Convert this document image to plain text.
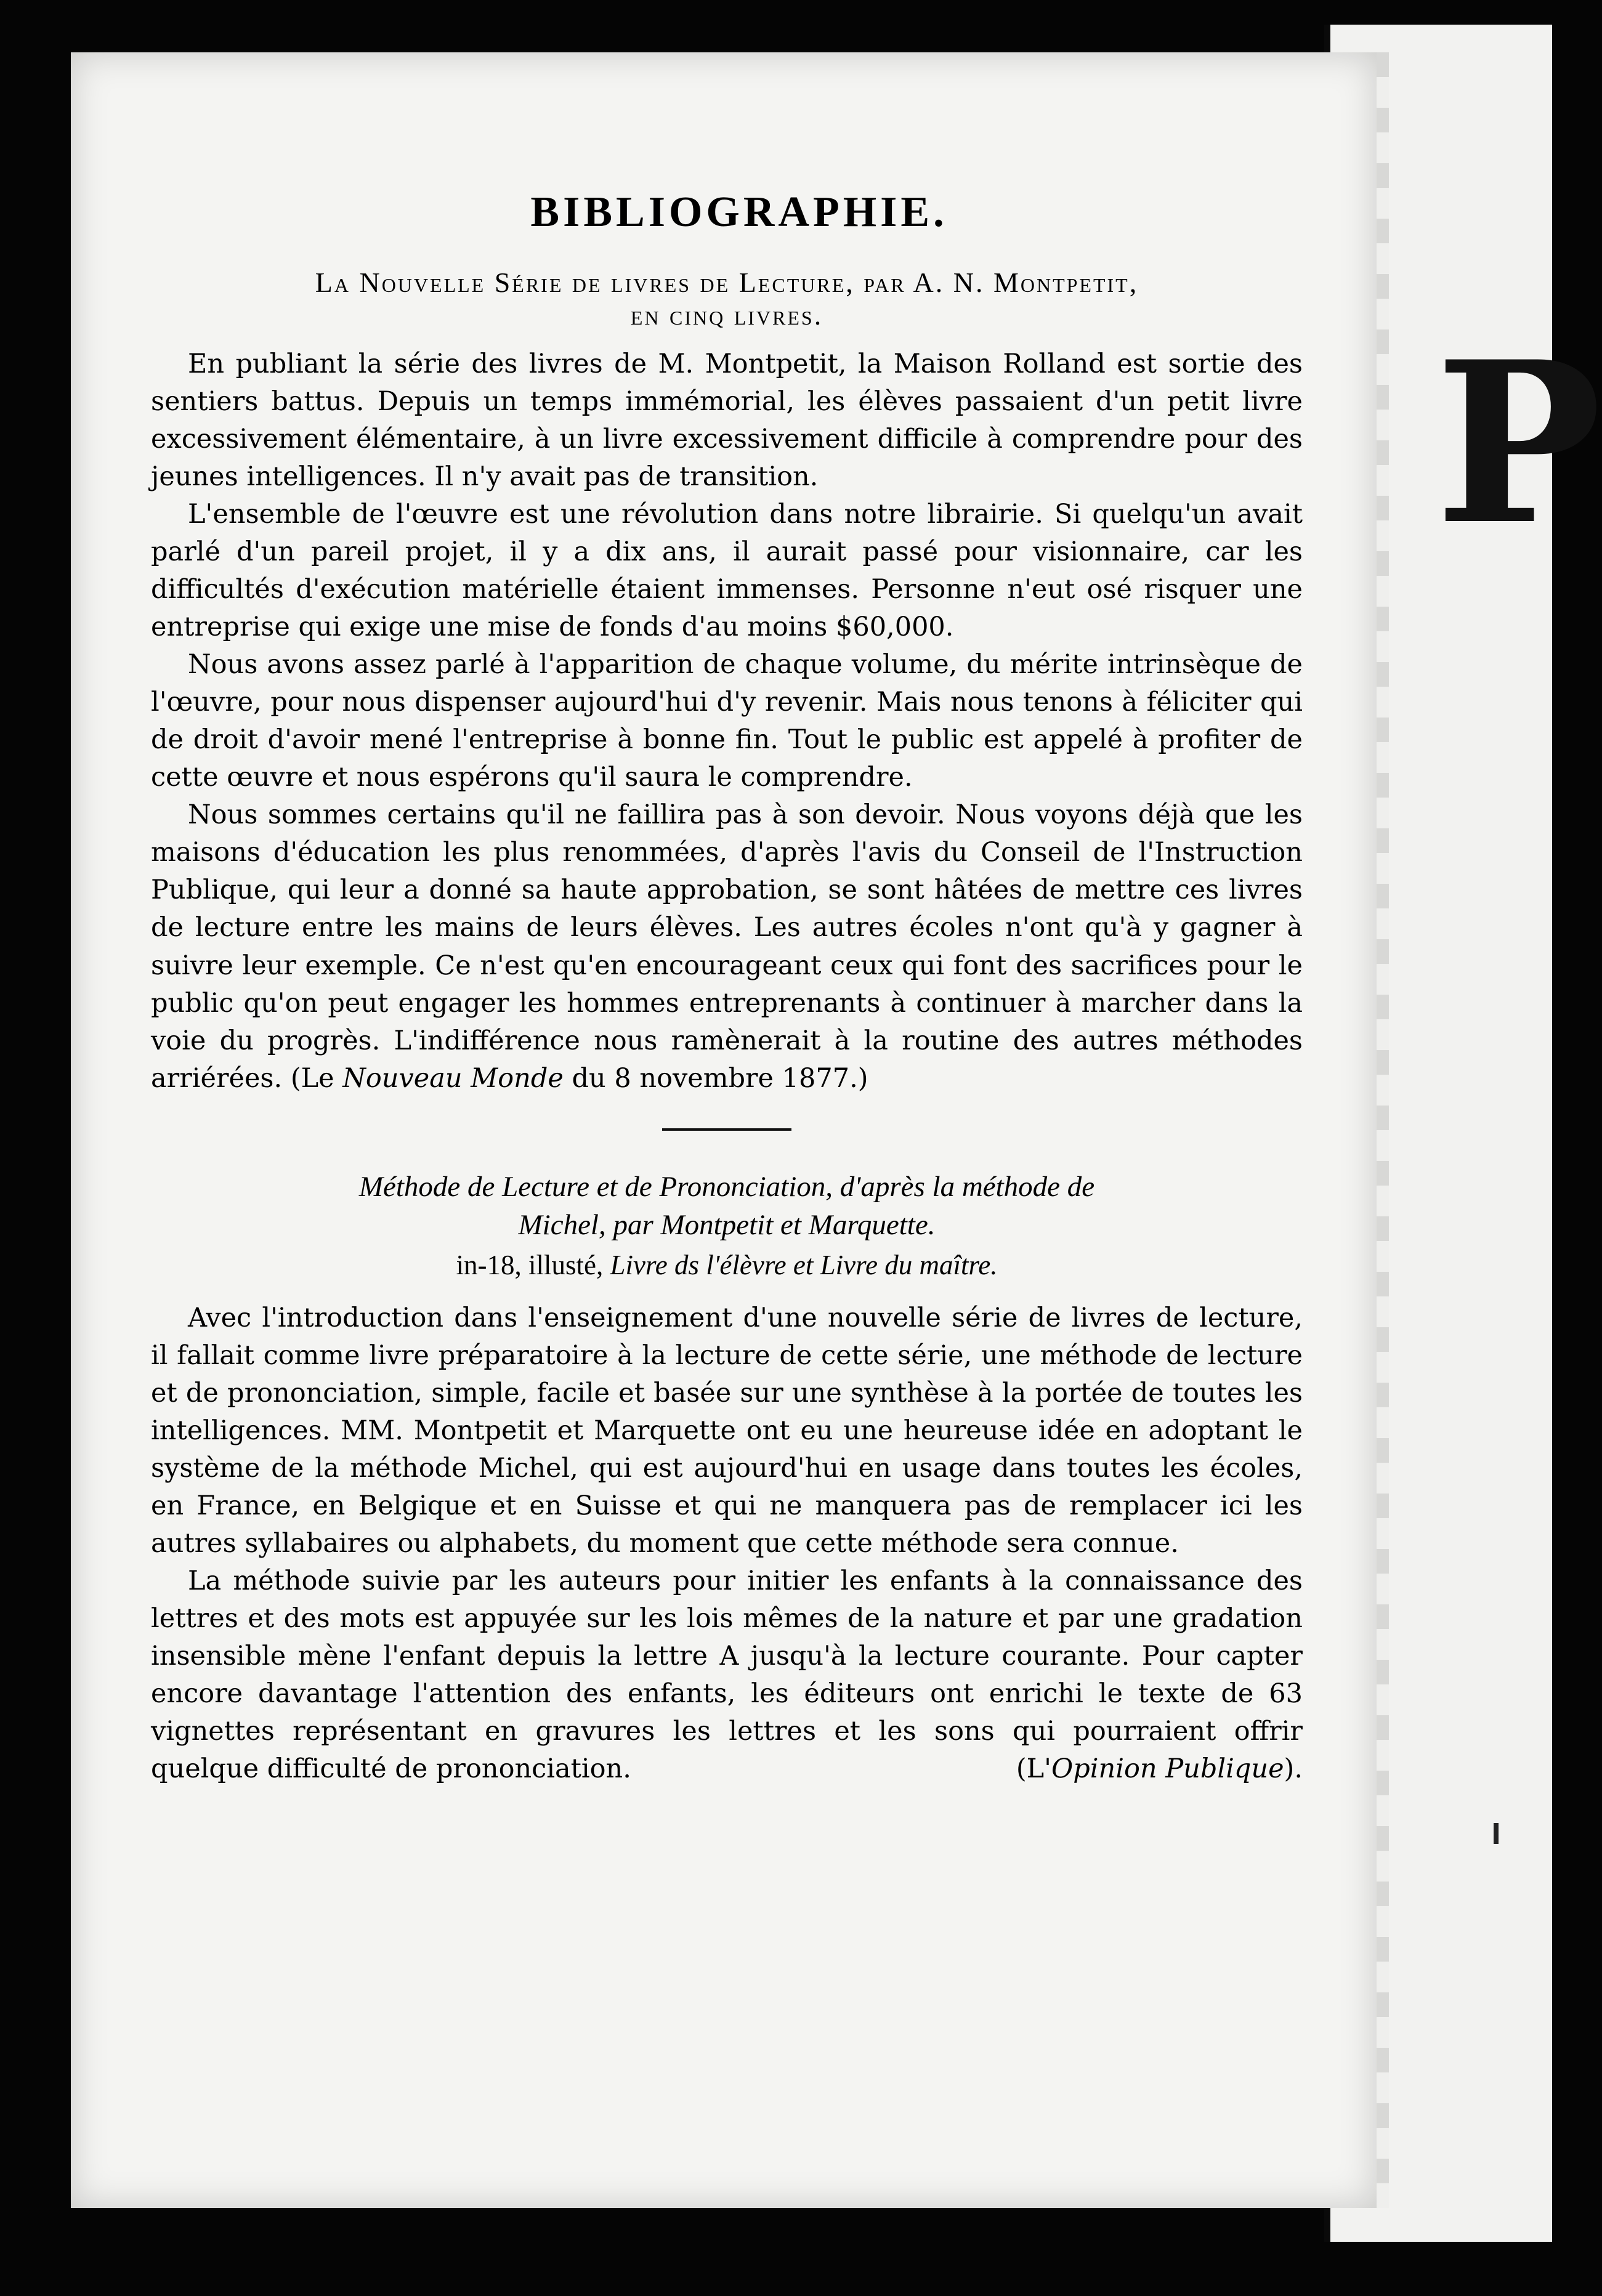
P
BIBLIOGRAPHIE.
La Nouvelle Série de livres de Lecture, par A. N. Montpetit,
en cinq livres.

En publiant la série des livres de M. Montpetit, la Maison Rolland est sortie des sentiers battus. Depuis un temps immémorial, les élèves passaient d'un petit livre excessivement élémentaire, à un livre excessivement difficile à comprendre pour des jeunes intelligences. Il n'y avait pas de transition.

L'ensemble de l'œuvre est une révolution dans notre librairie. Si quelqu'un avait parlé d'un pareil projet, il y a dix ans, il aurait passé pour visionnaire, car les difficultés d'exécution matérielle étaient immenses. Personne n'eut osé risquer une entreprise qui exige une mise de fonds d'au moins $60,000.

Nous avons assez parlé à l'apparition de chaque volume, du mérite intrinsèque de l'œuvre, pour nous dispenser aujourd'hui d'y revenir. Mais nous tenons à féliciter qui de droit d'avoir mené l'entreprise à bonne fin. Tout le public est appelé à profiter de cette œuvre et nous espérons qu'il saura le comprendre.

Nous sommes certains qu'il ne faillira pas à son devoir. Nous voyons déjà que les maisons d'éducation les plus renommées, d'après l'avis du Conseil de l'Instruction Publique, qui leur a donné sa haute approbation, se sont hâtées de mettre ces livres de lecture entre les mains de leurs élèves. Les autres écoles n'ont qu'à y gagner à suivre leur exemple. Ce n'est qu'en encourageant ceux qui font des sacrifices pour le public qu'on peut engager les hommes entreprenants à continuer à marcher dans la voie du progrès. L'indifférence nous ramènerait à la routine des autres méthodes arriérées. (Le Nouveau Monde du 8 novembre 1877.)

Méthode de Lecture et de Prononciation, d'après la méthode de
Michel, par Montpetit et Marquette.
in-18, illusté, Livre ds l'élèvre et Livre du maître.

Avec l'introduction dans l'enseignement d'une nouvelle série de livres de lecture, il fallait comme livre préparatoire à la lecture de cette série, une méthode de lecture et de prononciation, simple, facile et basée sur une synthèse à la portée de toutes les intelligences. MM. Montpetit et Marquette ont eu une heureuse idée en adoptant le système de la méthode Michel, qui est aujourd'hui en usage dans toutes les écoles, en France, en Belgique et en Suisse et qui ne manquera pas de remplacer ici les autres syllabaires ou alphabets, du moment que cette méthode sera connue.

La méthode suivie par les auteurs pour initier les enfants à la connaissance des lettres et des mots est appuyée sur les lois mêmes de la nature et par une gradation insensible mène l'enfant depuis la lettre A jusqu'à la lecture courante. Pour capter encore davantage l'attention des enfants, les éditeurs ont enrichi le texte de 63 vignettes représentant en gravures les lettres et les sons qui pourraient offrir quelque difficulté de prononciation.	(L'Opinion Publique).
